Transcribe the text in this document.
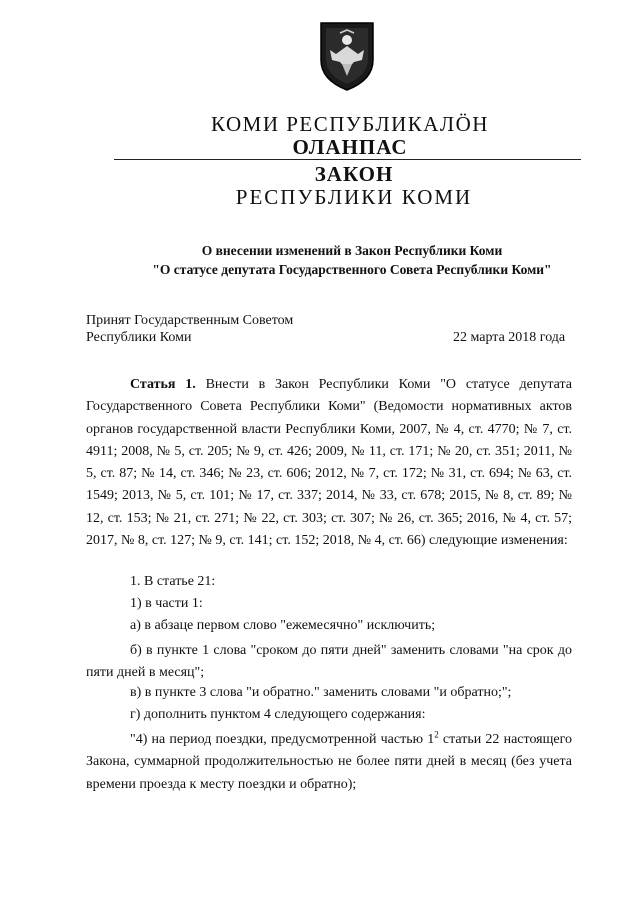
КОМИ РЕСПУБЛИКАЛÖН
ОЛАНПАС
ЗАКОН
РЕСПУБЛИКИ КОМИ
О внесении изменений в Закон Республики Коми
"О статусе депутата Государственного Совета Республики Коми"
Принят Государственным Советом
Республики Коми	22 марта 2018 года
Статья 1. Внести в Закон Республики Коми "О статусе депутата Государственного Совета Республики Коми" (Ведомости нормативных актов органов государственной власти Республики Коми, 2007, № 4, ст. 4770; № 7, ст. 4911; 2008, № 5, ст. 205; № 9, ст. 426; 2009, № 11, ст. 171; № 20, ст. 351; 2011, № 5, ст. 87; № 14, ст. 346; № 23, ст. 606; 2012, № 7, ст. 172; № 31, ст. 694; № 63, ст. 1549; 2013, № 5, ст. 101; № 17, ст. 337; 2014, № 33, ст. 678; 2015, № 8, ст. 89; № 12, ст. 153; № 21, ст. 271; № 22, ст. 303; ст. 307; № 26, ст. 365; 2016, № 4, ст. 57; 2017, № 8, ст. 127; № 9, ст. 141; ст. 152; 2018, № 4, ст. 66) следующие изменения:
1. В статье 21:
1) в части 1:
а) в абзаце первом слово "ежемесячно" исключить;
б) в пункте 1 слова "сроком до пяти дней" заменить словами "на срок до пяти дней в месяц";
в) в пункте 3 слова "и обратно." заменить словами "и обратно;";
г) дополнить пунктом 4 следующего содержания:
"4) на период поездки, предусмотренной частью $1^2$ статьи 22 настоящего Закона, суммарной продолжительностью не более пяти дней в месяц (без учета времени проезда к месту поездки и обратно);
